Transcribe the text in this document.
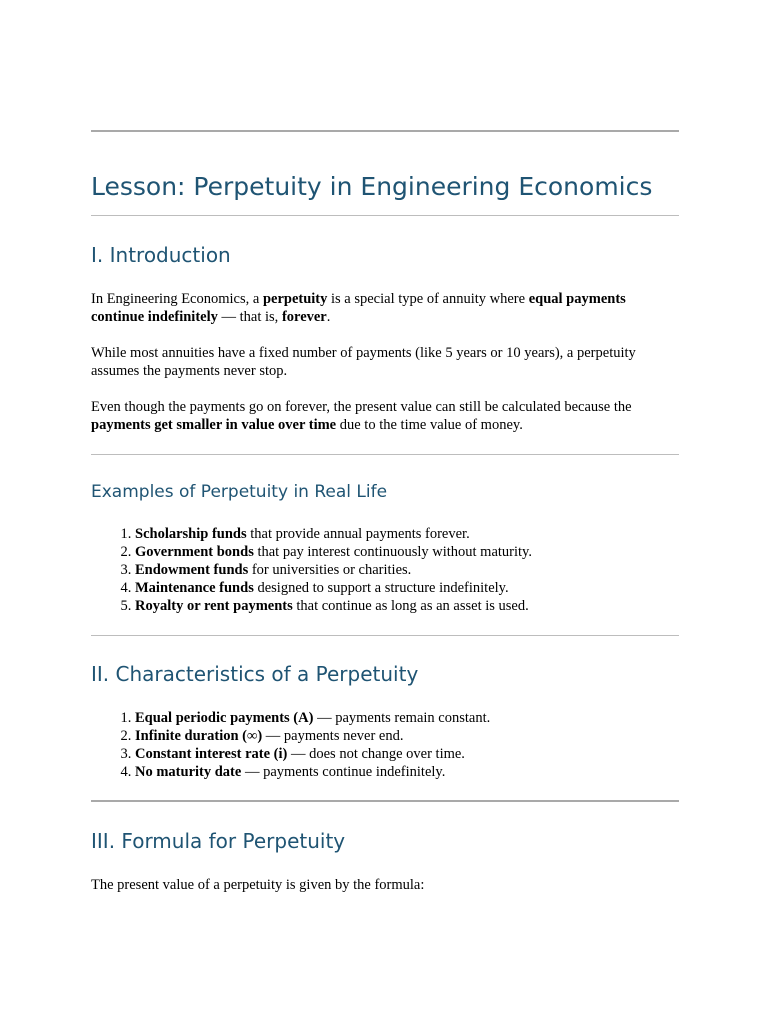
Lesson: Perpetuity in Engineering Economics
I. Introduction

In Engineering Economics, a perpetuity is a special type of annuity where equal payments continue indefinitely — that is, forever.

While most annuities have a fixed number of payments (like 5 years or 10 years), a perpetuity assumes the payments never stop.

Even though the payments go on forever, the present value can still be calculated because the payments get smaller in value over time due to the time value of money.

Examples of Perpetuity in Real Life
1. Scholarship funds that provide annual payments forever.
2. Government bonds that pay interest continuously without maturity.
3. Endowment funds for universities or charities.
4. Maintenance funds designed to support a structure indefinitely.
5. Royalty or rent payments that continue as long as an asset is used.
II. Characteristics of a Perpetuity
1. Equal periodic payments (A) — payments remain constant.
2. Infinite duration (∞) — payments never end.
3. Constant interest rate (i) — does not change over time.
4. No maturity date — payments continue indefinitely.
III. Formula for Perpetuity

The present value of a perpetuity is given by the formula:
